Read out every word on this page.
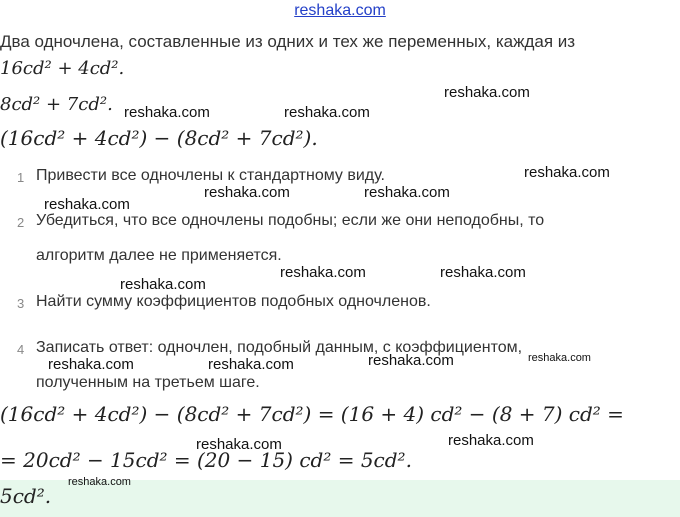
reshaka.com
Два одночлена, составленные из одних и тех же переменных, каждая из
16cd² + 4cd².
8cd² + 7cd².
(16cd² + 4cd²) − (8cd² + 7cd²).
1 Привести все одночлены к стандартному виду.
2 Убедиться, что все одночлены подобны; если же они неподобны, то
алгоритм далее не применяется.
3 Найти сумму коэффициентов подобных одночленов.
4 Записать ответ: одночлен, подобный данным, с коэффициентом,
полученным на третьем шаге.
(16cd² + 4cd²) − (8cd² + 7cd²) = (16 + 4) cd² − (8 + 7) cd² =
= 20cd² − 15cd² = (20 − 15) cd² = 5cd².
5cd².
reshaka.com	reshaka.com
reshaka.com
reshaka.com
reshaka.com	reshaka.com
reshaka.com
reshaka.com	reshaka.com
reshaka.com
reshaka.com	reshaka.com
reshaka.com	reshaka.com
reshaka.com
reshaka.com
reshaka.com
